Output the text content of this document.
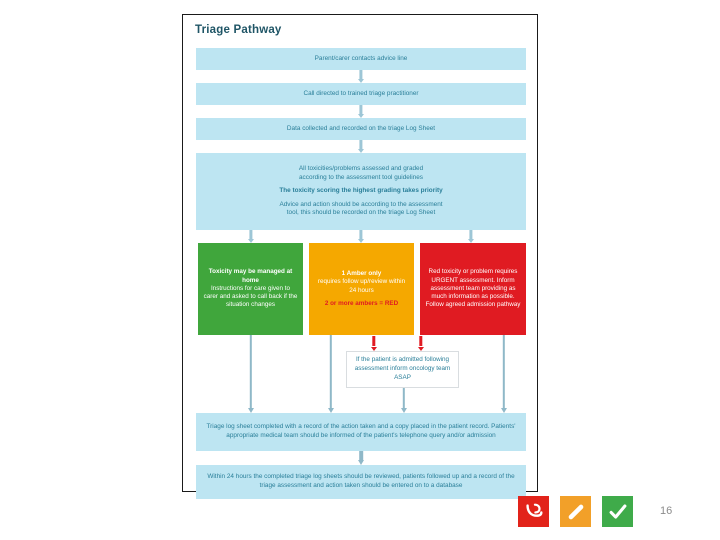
Triage Pathway
Parent/carer contacts advice line
Call directed to trained triage practitioner
Data collected and recorded on the triage Log Sheet
All toxicities/problems assessed and graded
according to the assessment tool guidelines
The toxicity scoring the highest grading takes priority
Advice and action should be according to the assessment
tool, this should be recorded on the triage Log Sheet
Toxicity may be managed at home
Instructions for care given to carer and asked to call back if the situation changes
1 Amber only
requires follow up/review within 24 hours
2 or more ambers = RED
Red toxicity or problem requires URGENT assessment. Inform assessment team providing as much information as possible. Follow agreed admission pathway
If the patient is admitted following assessment inform oncology team ASAP
Triage log sheet completed with a record of the action taken and a copy placed in the patient record. Patients' appropriate medical team should be informed of the patient's telephone query and/or admission
Within 24 hours the completed triage log sheets should be reviewed, patients followed up and a record of the triage assessment and action taken should be entered on to a database
16
